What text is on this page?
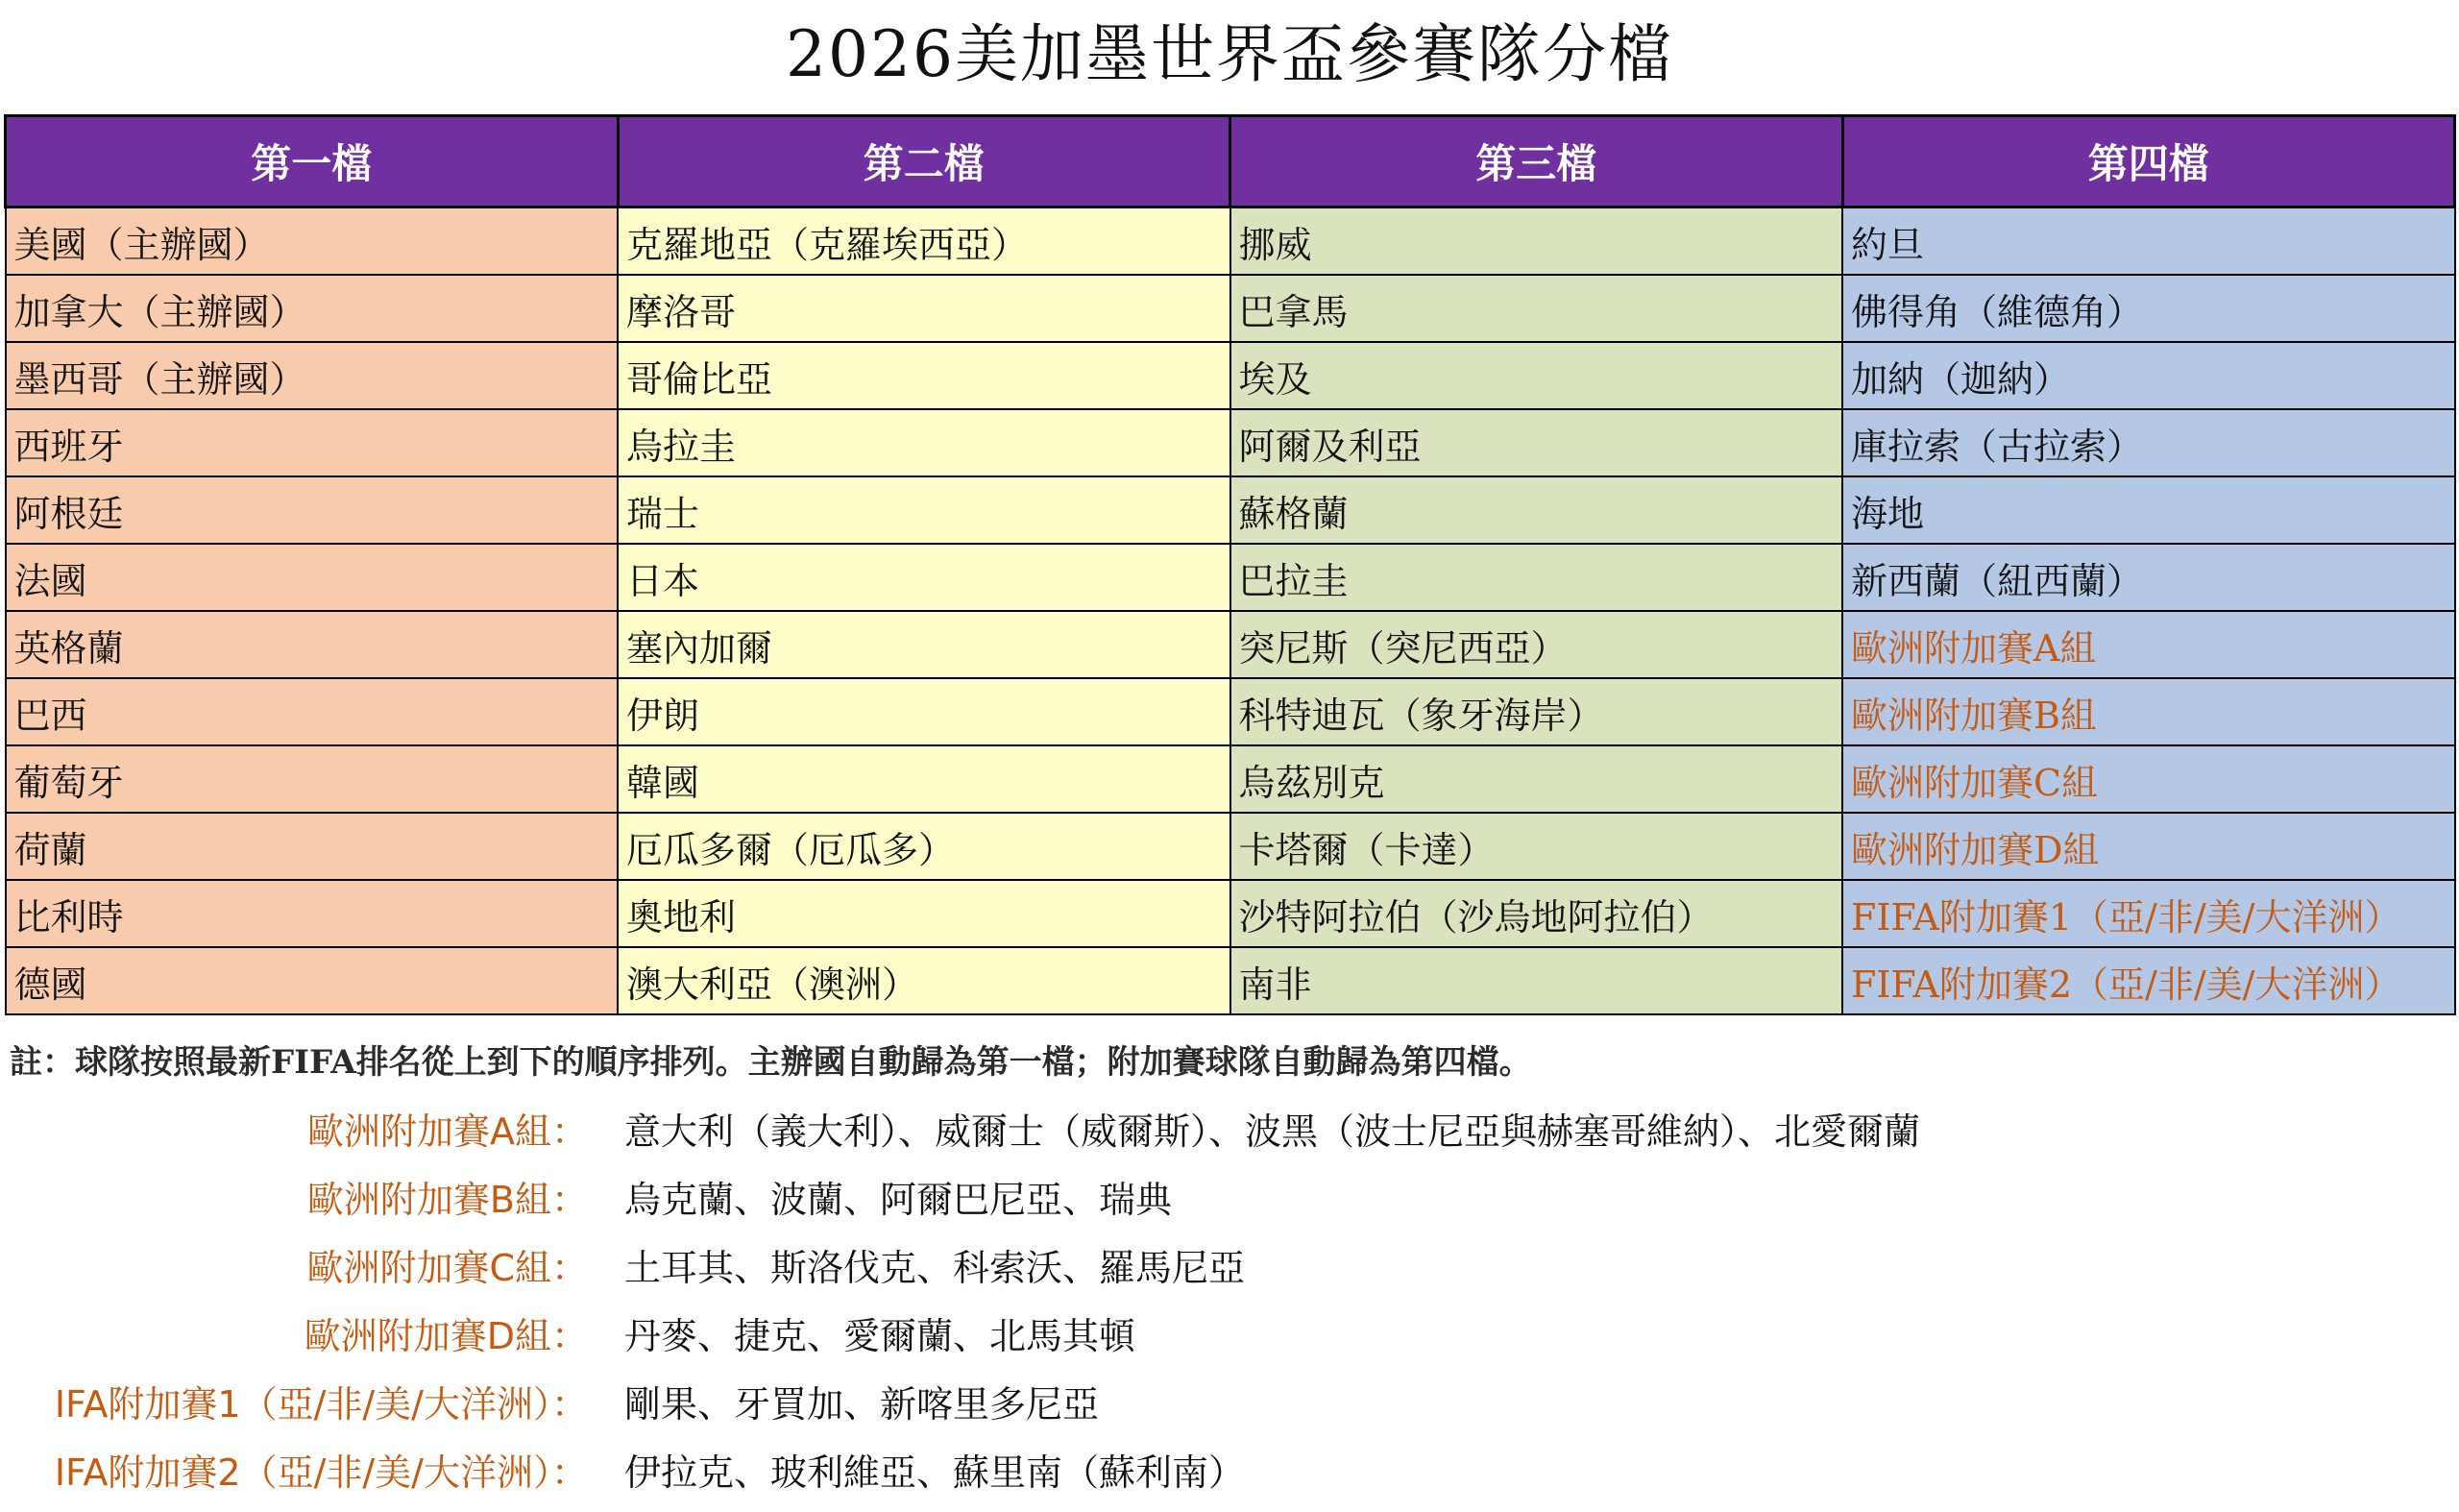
2026美加墨世界盃參賽隊分檔
第一檔	第二檔	第三檔	第四檔
美國（主辦國）	克羅地亞（克羅埃西亞）	挪威	約旦
加拿大（主辦國）	摩洛哥	巴拿馬	佛得角（維德角）
墨西哥（主辦國）	哥倫比亞	埃及	加納（迦納）
西班牙	烏拉圭	阿爾及利亞	庫拉索（古拉索）
阿根廷	瑞士	蘇格蘭	海地
法國	日本	巴拉圭	新西蘭（紐西蘭）
英格蘭	塞內加爾	突尼斯（突尼西亞）	歐洲附加賽A組
巴西	伊朗	科特迪瓦（象牙海岸）	歐洲附加賽B組
葡萄牙	韓國	烏茲別克	歐洲附加賽C組
荷蘭	厄瓜多爾（厄瓜多）	卡塔爾（卡達）	歐洲附加賽D組
比利時	奧地利	沙特阿拉伯（沙烏地阿拉伯）	FIFA附加賽1（亞/非/美/大洋洲）
德國	澳大利亞（澳洲）	南非	FIFA附加賽2（亞/非/美/大洋洲）
註：球隊按照最新FIFA排名從上到下的順序排列。主辦國自動歸為第一檔；附加賽球隊自動歸為第四檔。
歐洲附加賽A組： 意大利（義大利）、威爾士（威爾斯）、波黑（波士尼亞與赫塞哥維納）、北愛爾蘭
歐洲附加賽B組： 烏克蘭、波蘭、阿爾巴尼亞、瑞典
歐洲附加賽C組： 土耳其、斯洛伐克、科索沃、羅馬尼亞
歐洲附加賽D組： 丹麥、捷克、愛爾蘭、北馬其頓
IFA附加賽1（亞/非/美/大洋洲）： 剛果、牙買加、新喀里多尼亞
IFA附加賽2（亞/非/美/大洋洲）： 伊拉克、玻利維亞、蘇里南（蘇利南）
